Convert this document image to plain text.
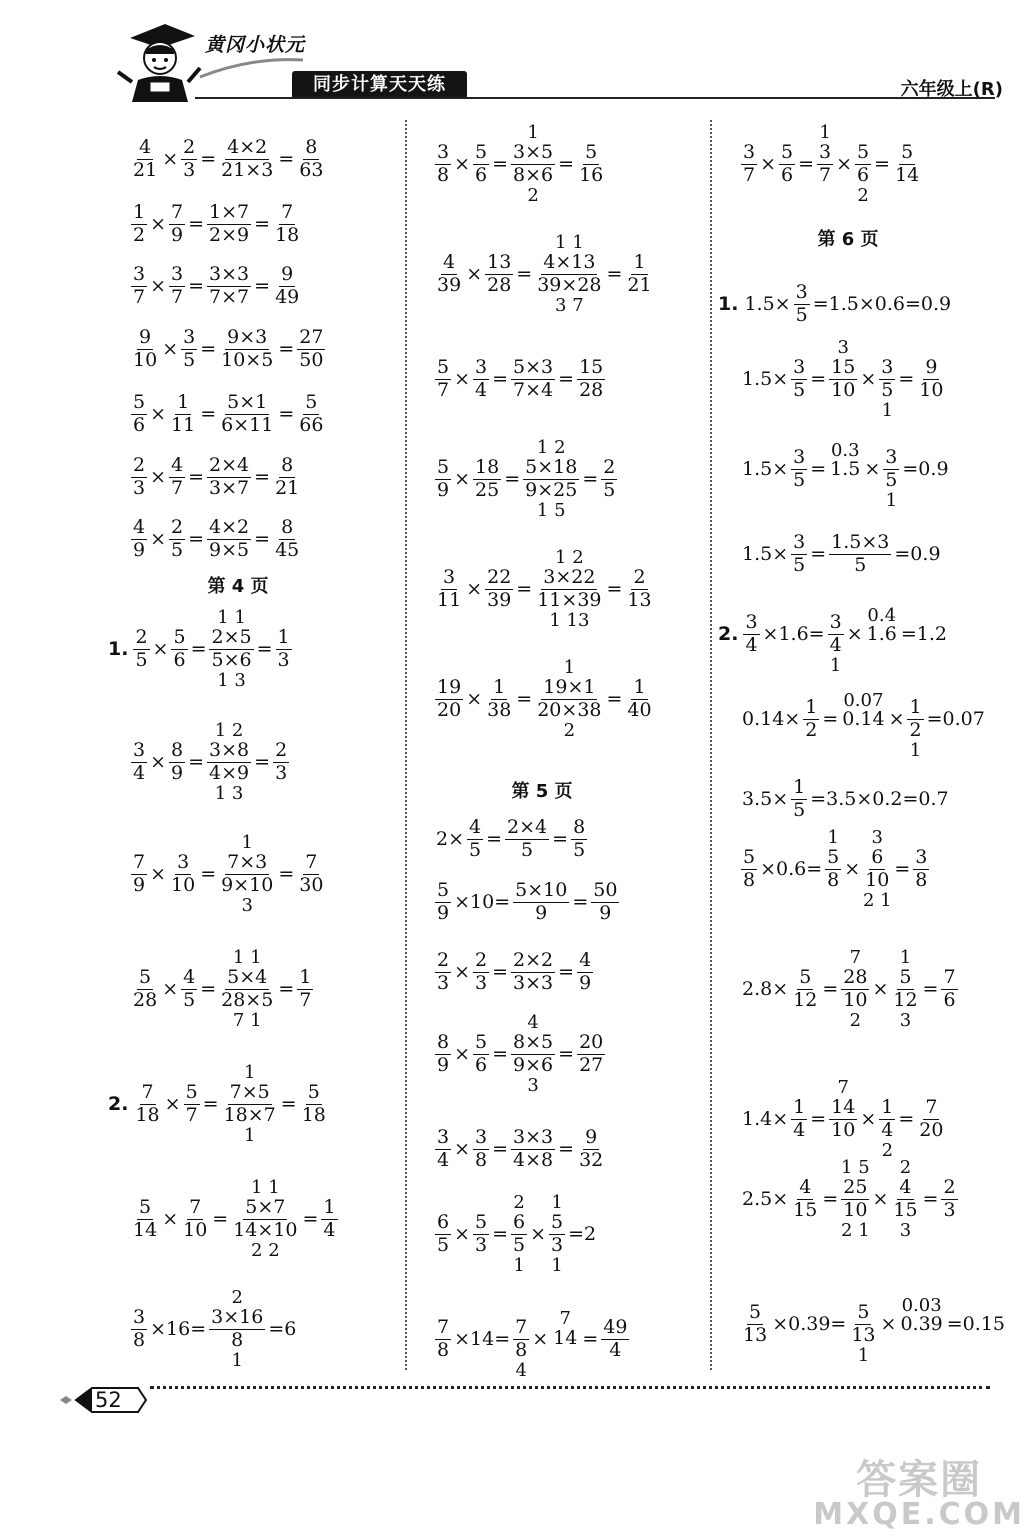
黄冈小状元
同步计算天天练	六年级上(R)
$\frac{4}{21} \times \frac{2}{3} = \frac{4\times 2}{21\times 3} = \frac{8}{63}$
$\frac{1}{2} \times \frac{7}{9} = \frac{1\times 7}{2\times 9} = \frac{7}{18}$
$\frac{3}{7} \times \frac{3}{7} = \frac{3\times 3}{7\times 7} = \frac{9}{49}$
$\frac{9}{10} \times \frac{3}{5} = \frac{9\times 3}{10\times 5} = \frac{27}{50}$
$\frac{5}{6} \times \frac{1}{11} = \frac{5\times 1}{6\times 11} = \frac{5}{66}$
$\frac{2}{3} \times \frac{4}{7} = \frac{2\times 4}{3\times 7} = \frac{8}{21}$
$\frac{4}{9} \times \frac{2}{5} = \frac{4\times 2}{9\times 5} = \frac{8}{45}$
第 4 页
1. $\frac{2}{5} \times \frac{5}{6}$ =
1 1
$\frac{2\times 5}{5\times 6}$
1 3
= $\frac{1}{3}$
$\frac{3}{4} \times \frac{8}{9}$ =
1 2
$\frac{3\times 8}{4\times 9}$
1 3
= $\frac{2}{3}$
$\frac{7}{9} \times \frac{3}{10}$ =
1
$\frac{7\times 3}{9\times 10}$
3
= $\frac{7}{30}$
$\frac{5}{28} \times \frac{4}{5}$ =
1 1
$\frac{5\times 4}{28\times 5}$
7 1
= $\frac{1}{7}$
2. $\frac{7}{18} \times \frac{5}{7}$ =
1
$\frac{7\times 5}{18\times 7}$
1
= $\frac{5}{18}$
$\frac{5}{14} \times \frac{7}{10}$ =
1 1
$\frac{5\times 7}{14\times 10}$
2 2
= $\frac{1}{4}$
$\frac{3}{8} \times 16=$
2
$\frac{3\times 16}{8}$
1
=6
$\frac{3}{8} \times \frac{5}{6}$ =
1
$\frac{3\times 5}{8\times 6}$
2
= $\frac{5}{16}$
$\frac{4}{39} \times \frac{13}{28}$ =
1 1
$\frac{4\times 13}{39\times 28}$
3 7
= $\frac{1}{21}$
$\frac{5}{7} \times \frac{3}{4} = \frac{5\times 3}{7\times 4} = \frac{15}{28}$
$\frac{5}{9} \times \frac{18}{25}$ =
1 2
$\frac{5\times 18}{9\times 25}$
1 5
= $\frac{2}{5}$
$\frac{3}{11} \times \frac{22}{39}$ =
1 2
$\frac{3\times 22}{11\times 39}$
1 13
= $\frac{2}{13}$
$\frac{19}{20} \times \frac{1}{38}$ =
1
$\frac{19\times 1}{20\times 38}$
2
= $\frac{1}{40}$
第 5 页
$2\times \frac{4}{5} = \frac{2\times 4}{5} = \frac{8}{5}$
$\frac{5}{9} \times 10= \frac{5\times 10}{9} = \frac{50}{9}$
$\frac{2}{3} \times \frac{2}{3} = \frac{2\times 2}{3\times 3} = \frac{4}{9}$
$\frac{8}{9} \times \frac{5}{6}$ =
4
$\frac{8\times 5}{9\times 6}$
3
= $\frac{20}{27}$
$\frac{3}{4} \times \frac{3}{8} = \frac{3\times 3}{4\times 8} = \frac{9}{32}$
$\frac{6}{5} \times \frac{5}{3}$ =
2
$\frac{6}{5}$
1
×
1
$\frac{5}{3}$
1
=2
$\frac{7}{8} \times 14= \frac{7}{8}$
4
×
7
$14 = \frac{49}{4}$
$\frac{3}{7} \times \frac{5}{6}$ =
1
$\frac{3}{7} \times \frac{5}{6}$
2
= $\frac{5}{14}$
第 6 页
1. $1.5\times \frac{3}{5} =1.5\times 0.6=0.9$
$1.5\times \frac{3}{5}$ =
3
$\frac{15}{10} \times \frac{3}{5}$
1
= $\frac{9}{10}$
$1.5\times \frac{3}{5}$ =
0.3
$1.5 \times \frac{3}{5}$
1
=0.9
$1.5\times \frac{3}{5} = \frac{1.5\times 3}{5} =0.9$
2. $\frac{3}{4} \times 1.6= \frac{3}{4}$
1
×
0.4
1.6 =1.2
$0.14\times \frac{1}{2}$ =
0.07
$0.14 \times \frac{1}{2}$
1
=0.07
$3.5\times \frac{1}{5} =3.5\times 0.2=0.7$
$\frac{5}{8} \times 0.6=$
1
$\frac{5}{8}$ ×
3
$\frac{6}{10}$
2 1
= $\frac{3}{8}$
$2.8\times \frac{5}{12}$ =
7
$\frac{28}{10}$
2
×
1
$\frac{5}{12}$
3
= $\frac{7}{6}$
$1.4\times \frac{1}{4}$ =
7
$\frac{14}{10} \times \frac{1}{4}$
2
= $\frac{7}{20}$
$2.5\times \frac{4}{15}$ =
1 5
$\frac{25}{10}$
2 1
×
2
$\frac{4}{15}$
3
= $\frac{2}{3}$
$\frac{5}{13} \times 0.39= \frac{5}{13}$
1
×
0.03
0.39 =0.15
52
答案圈
MXQE.COM
